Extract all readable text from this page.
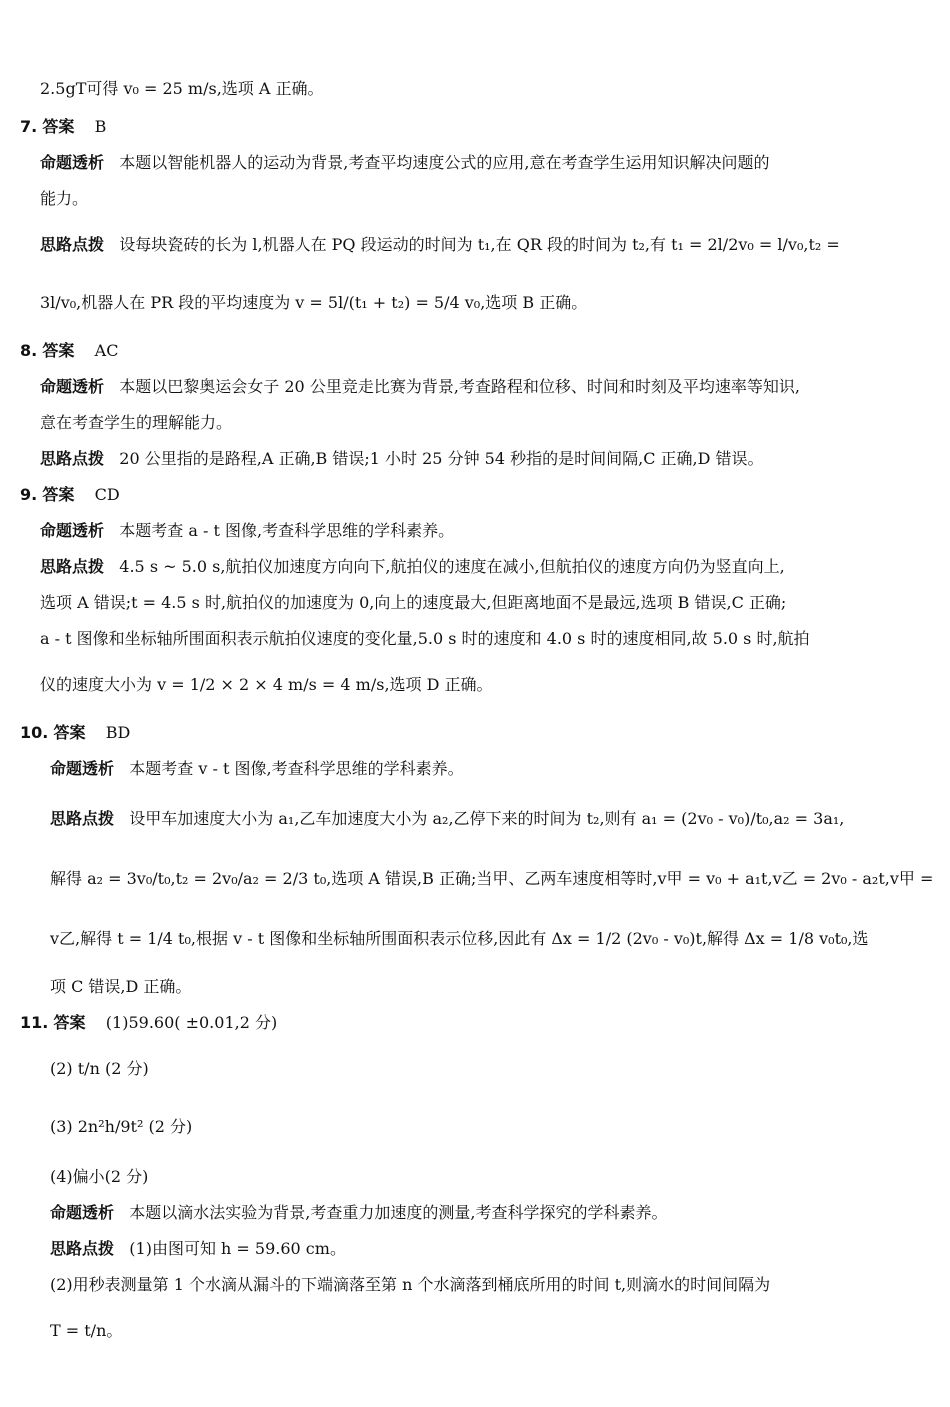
2.5gT可得 v₀ = 25 m/s,选项 A 正确。
7. 答案 B
命题透析 本题以智能机器人的运动为背景,考查平均速度公式的应用,意在考查学生运用知识解决问题的
能力。
思路点拨 设每块瓷砖的长为 l,机器人在 PQ 段运动的时间为 t₁,在 QR 段的时间为 t₂,有 t₁ = 2l/2v₀ = l/v₀,t₂ =
3l/v₀,机器人在 PR 段的平均速度为 v = 5l/(t₁ + t₂) = 5/4 v₀,选项 B 正确。
8. 答案 AC
命题透析 本题以巴黎奥运会女子 20 公里竞走比赛为背景,考查路程和位移、时间和时刻及平均速率等知识,
意在考查学生的理解能力。
思路点拨 20 公里指的是路程,A 正确,B 错误;1 小时 25 分钟 54 秒指的是时间间隔,C 正确,D 错误。
9. 答案 CD
命题透析 本题考查 a - t 图像,考查科学思维的学科素养。
思路点拨 4.5 s ~ 5.0 s,航拍仪加速度方向向下,航拍仪的速度在减小,但航拍仪的速度方向仍为竖直向上,
选项 A 错误;t = 4.5 s 时,航拍仪的加速度为 0,向上的速度最大,但距离地面不是最远,选项 B 错误,C 正确;
a - t 图像和坐标轴所围面积表示航拍仪速度的变化量,5.0 s 时的速度和 4.0 s 时的速度相同,故 5.0 s 时,航拍
仪的速度大小为 v = 1/2 × 2 × 4 m/s = 4 m/s,选项 D 正确。
10. 答案 BD
命题透析 本题考查 v - t 图像,考查科学思维的学科素养。
思路点拨 设甲车加速度大小为 a₁,乙车加速度大小为 a₂,乙停下来的时间为 t₂,则有 a₁ = (2v₀ - v₀)/t₀,a₂ = 3a₁,
解得 a₂ = 3v₀/t₀,t₂ = 2v₀/a₂ = 2/3 t₀,选项 A 错误,B 正确;当甲、乙两车速度相等时,v甲 = v₀ + a₁t,v乙 = 2v₀ - a₂t,v甲 =
v乙,解得 t = 1/4 t₀,根据 v - t 图像和坐标轴所围面积表示位移,因此有 Δx = 1/2 (2v₀ - v₀)t,解得 Δx = 1/8 v₀t₀,选
项 C 错误,D 正确。
11. 答案 (1)59.60( ±0.01,2 分)
(2) t/n (2 分)
(3) 2n²h/9t² (2 分)
(4)偏小(2 分)
命题透析 本题以滴水法实验为背景,考查重力加速度的测量,考查科学探究的学科素养。
思路点拨 (1)由图可知 h = 59.60 cm。
(2)用秒表测量第 1 个水滴从漏斗的下端滴落至第 n 个水滴落到桶底所用的时间 t,则滴水的时间间隔为
T = t/n。
